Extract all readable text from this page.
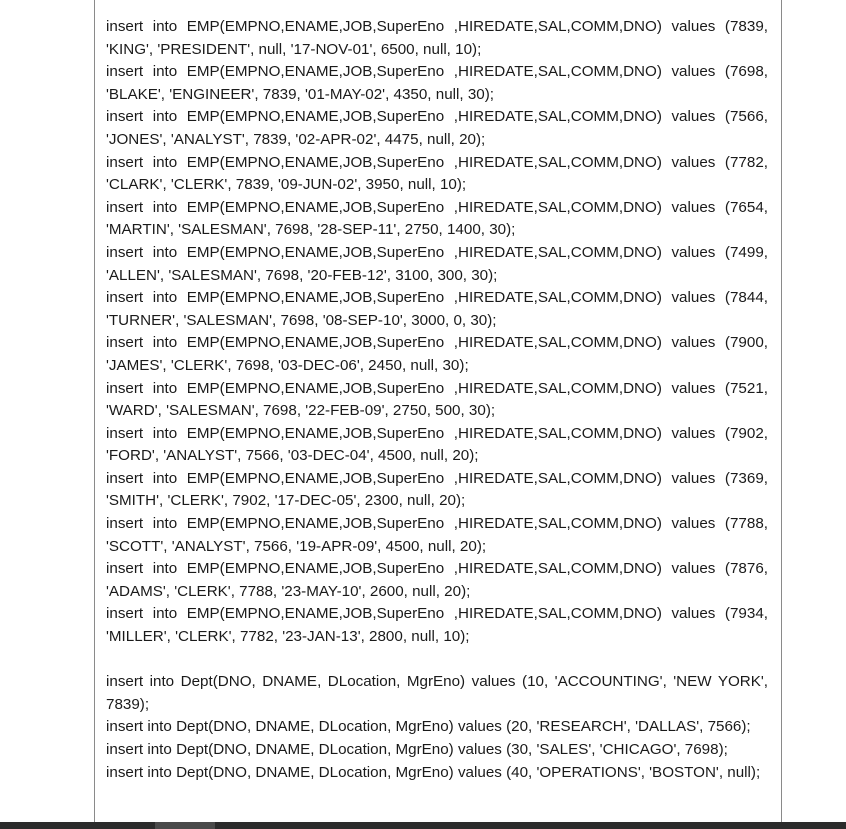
insert into EMP(EMPNO,ENAME,JOB,SuperEno ,HIREDATE,SAL,COMM,DNO) values (7839, 'KING', 'PRESIDENT', null, '17-NOV-01', 6500, null, 10);

insert into EMP(EMPNO,ENAME,JOB,SuperEno ,HIREDATE,SAL,COMM,DNO) values (7698, 'BLAKE', 'ENGINEER', 7839, '01-MAY-02', 4350, null, 30);

insert into EMP(EMPNO,ENAME,JOB,SuperEno ,HIREDATE,SAL,COMM,DNO) values (7566, 'JONES', 'ANALYST', 7839, '02-APR-02', 4475, null, 20);

insert into EMP(EMPNO,ENAME,JOB,SuperEno ,HIREDATE,SAL,COMM,DNO) values (7782, 'CLARK', 'CLERK', 7839, '09-JUN-02', 3950, null, 10);

insert into EMP(EMPNO,ENAME,JOB,SuperEno ,HIREDATE,SAL,COMM,DNO) values (7654, 'MARTIN', 'SALESMAN', 7698, '28-SEP-11', 2750, 1400, 30);

insert into EMP(EMPNO,ENAME,JOB,SuperEno ,HIREDATE,SAL,COMM,DNO) values (7499, 'ALLEN', 'SALESMAN', 7698, '20-FEB-12', 3100, 300, 30);

insert into EMP(EMPNO,ENAME,JOB,SuperEno ,HIREDATE,SAL,COMM,DNO) values (7844, 'TURNER', 'SALESMAN', 7698, '08-SEP-10', 3000, 0, 30);

insert into EMP(EMPNO,ENAME,JOB,SuperEno ,HIREDATE,SAL,COMM,DNO) values (7900, 'JAMES', 'CLERK', 7698, '03-DEC-06', 2450, null, 30);

insert into EMP(EMPNO,ENAME,JOB,SuperEno ,HIREDATE,SAL,COMM,DNO) values (7521, 'WARD', 'SALESMAN', 7698, '22-FEB-09', 2750, 500, 30);

insert into EMP(EMPNO,ENAME,JOB,SuperEno ,HIREDATE,SAL,COMM,DNO) values (7902, 'FORD', 'ANALYST', 7566, '03-DEC-04', 4500, null, 20);

insert into EMP(EMPNO,ENAME,JOB,SuperEno ,HIREDATE,SAL,COMM,DNO) values (7369, 'SMITH', 'CLERK', 7902, '17-DEC-05', 2300, null, 20);

insert into EMP(EMPNO,ENAME,JOB,SuperEno ,HIREDATE,SAL,COMM,DNO) values (7788, 'SCOTT', 'ANALYST', 7566, '19-APR-09', 4500, null, 20);

insert into EMP(EMPNO,ENAME,JOB,SuperEno ,HIREDATE,SAL,COMM,DNO) values (7876, 'ADAMS', 'CLERK', 7788, '23-MAY-10', 2600, null, 20);

insert into EMP(EMPNO,ENAME,JOB,SuperEno ,HIREDATE,SAL,COMM,DNO) values (7934, 'MILLER', 'CLERK', 7782, '23-JAN-13', 2800, null, 10);

insert into Dept(DNO, DNAME, DLocation, MgrEno) values (10, 'ACCOUNTING', 'NEW YORK', 7839);

insert into Dept(DNO, DNAME, DLocation, MgrEno) values (20, 'RESEARCH', 'DALLAS', 7566);

insert into Dept(DNO, DNAME, DLocation, MgrEno) values (30, 'SALES', 'CHICAGO', 7698);

insert into Dept(DNO, DNAME, DLocation, MgrEno) values (40, 'OPERATIONS', 'BOSTON', null);
